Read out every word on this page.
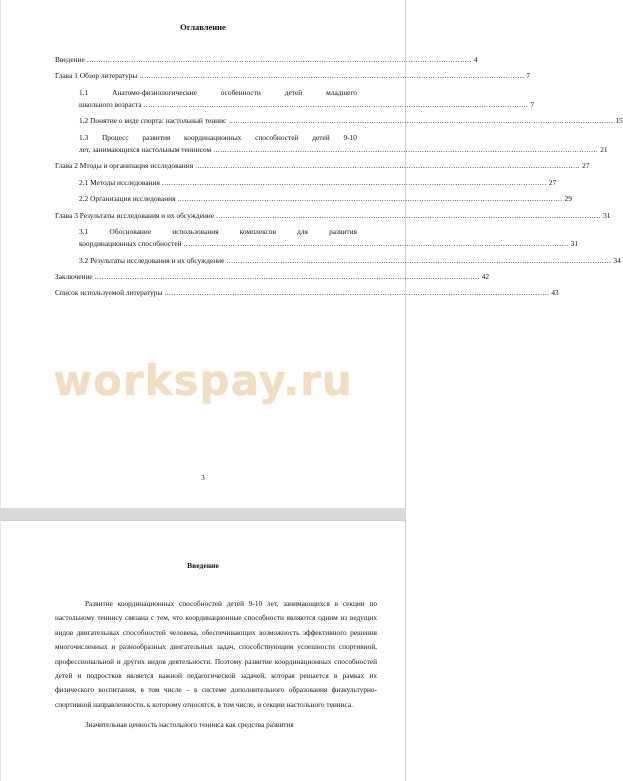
Оглавление
Введение .................................................................................................................................................................... 4
Глава 1 Обзор литературы .................................................................................................................................................................... 7
1.1 Анатомо-физиологические особенности детей младшего
школьного возраста .................................................................................................................................................................... 7
1.2 Понятие о виде спорта: настольный теннис .................................................................................................................................................................... 15
1.3 Процесс развития координационных способностей детей 9-10
лет, занимающихся настольным теннисом .................................................................................................................................................................... 21
Глава 2 Мтоды и организация исследования .................................................................................................................................................................... 27
2.1 Методы исследования .................................................................................................................................................................... 27
2.2 Организация исследования .................................................................................................................................................................... 29
Глава 3 Результаты исследования и их обсуждение .................................................................................................................................................................... 31
3.1 Обоснование использования комплексов для развития
координационных способностей .................................................................................................................................................................... 31
3.2 Результаты исследования и их обсуждение .................................................................................................................................................................... 34
Заключение .................................................................................................................................................................... 42
Список используемой литературы .................................................................................................................................................................... 43
workspay.ru
3
Введение

Развитие координационных способностей детей 9-10 лет, занимающихся в секции по настольному теннису связана с тем, что координационные способности являются одним из ведущих видов двигательных способностей человека, обеспечивающих возможность эффективного решения многочисленных и разнообразных двигательных задач, способствующим успешности спортивной, профессиональной и других видов деятельности. Поэтому развитие координационных способностей детей и подростков является важной педагогической задачей, которая решается в рамках их физического воспитания, в том числе – в системе дополнительного образования физкультурно-спортивной направленности, к которому относятся, в том числе, и секции настольного тенниса.

Значительная ценность настольного тенниса как средства развития
